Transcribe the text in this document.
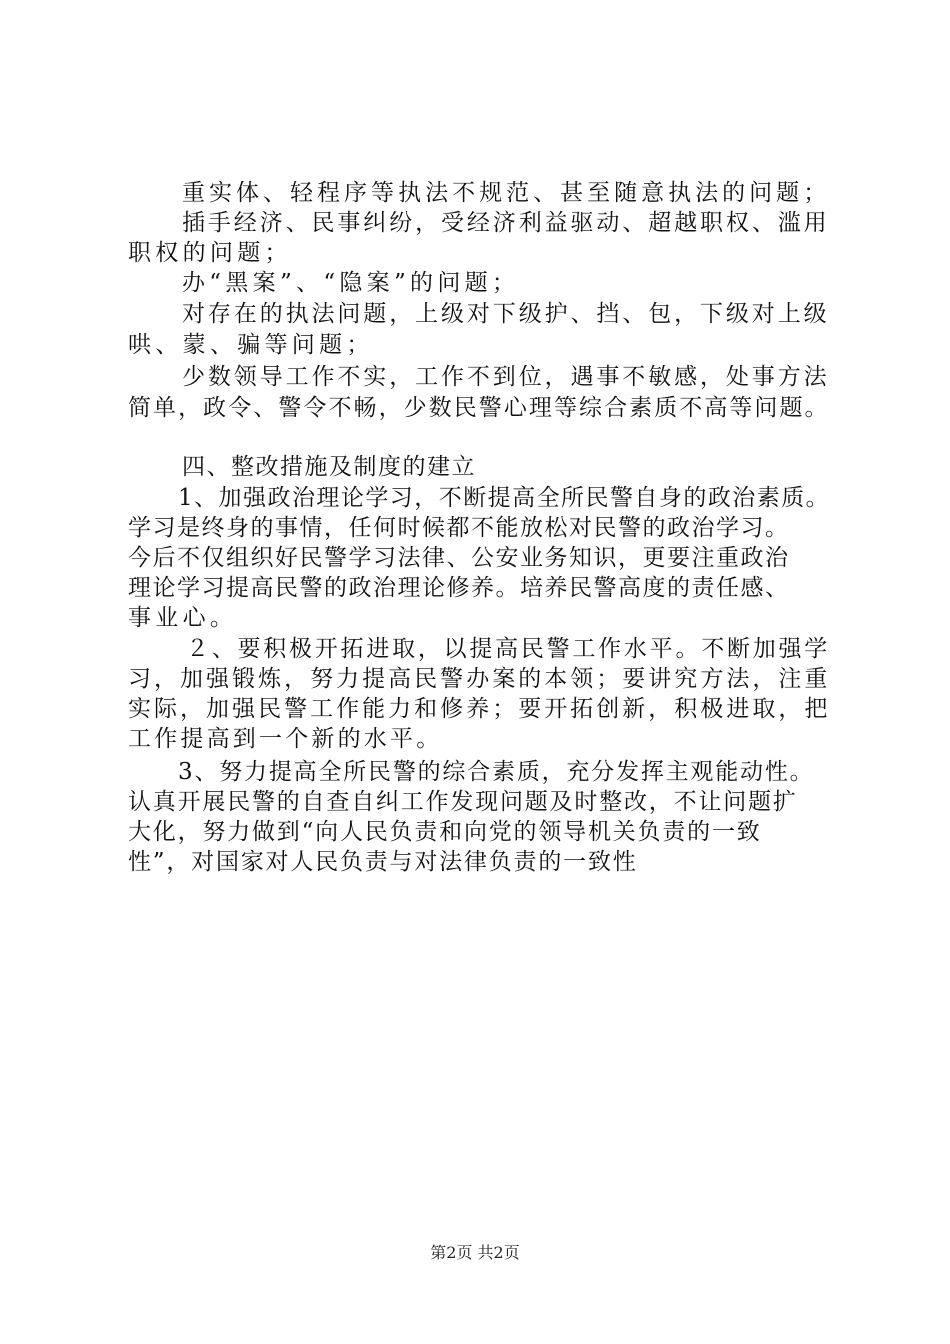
重实体、轻程序等执法不规范、甚至随意执法的问题；
插手经济、民事纠纷，受经济利益驱动、超越职权、滥用
职权的问题；
办“黑案”、“隐案”的问题；
对存在的执法问题，上级对下级护、挡、包，下级对上级
哄、蒙、骗等问题；
少数领导工作不实，工作不到位，遇事不敏感，处事方法
简单，政令、警令不畅，少数民警心理等综合素质不高等问题。
四、整改措施及制度的建立
1、加强政治理论学习，不断提高全所民警自身的政治素质。
学习是终身的事情，任何时候都不能放松对民警的政治学习。
今后不仅组织好民警学习法律、公安业务知识，更要注重政治
理论学习提高民警的政治理论修养。培养民警高度的责任感、
事业心。
２、要积极开拓进取，以提高民警工作水平。不断加强学
习，加强锻炼，努力提高民警办案的本领；要讲究方法，注重
实际，加强民警工作能力和修养；要开拓创新，积极进取，把
工作提高到一个新的水平。
3、努力提高全所民警的综合素质，充分发挥主观能动性。
认真开展民警的自查自纠工作发现问题及时整改，不让问题扩
大化，努力做到“向人民负责和向党的领导机关负责的一致
性”，对国家对人民负责与对法律负责的一致性
第2页 共2页
